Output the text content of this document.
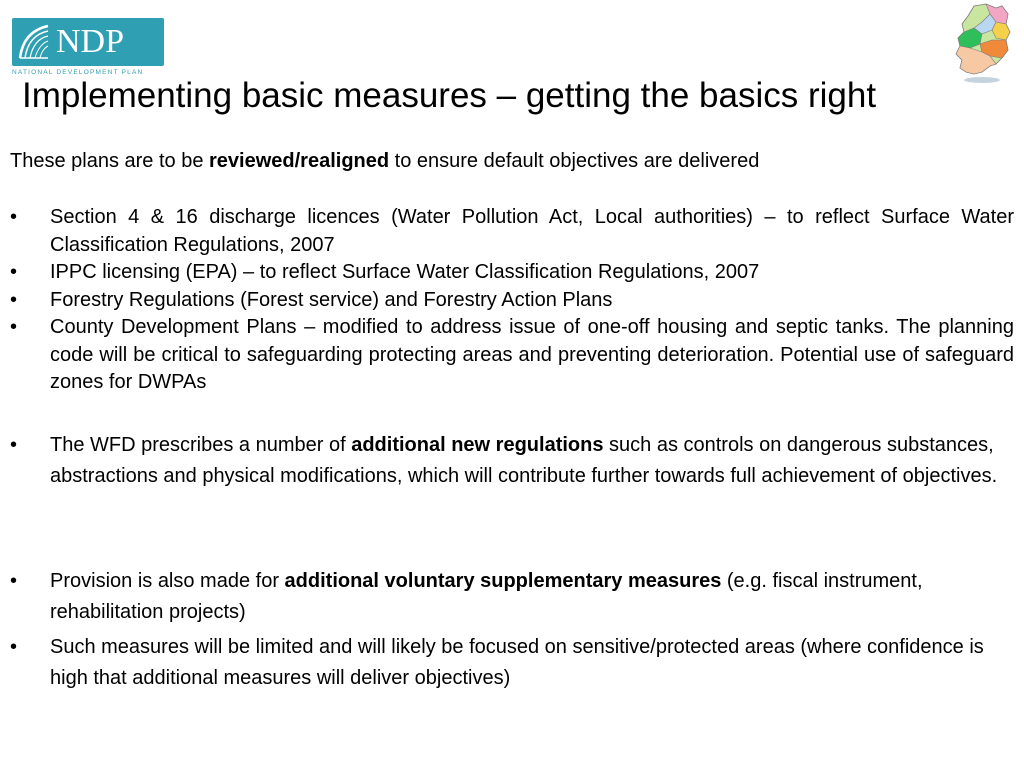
NDP
NATIONAL DEVELOPMENT PLAN
Implementing basic measures – getting the basics right
These plans are to be reviewed/realigned to ensure default objectives are delivered
• Section 4 & 16 discharge licences (Water Pollution Act, Local authorities) – to reflect Surface Water Classification Regulations, 2007
• IPPC licensing (EPA) – to reflect Surface Water Classification Regulations, 2007
• Forestry Regulations (Forest service) and Forestry Action Plans
• County Development Plans – modified to address issue of one-off housing and septic tanks. The planning code will be critical to safeguarding protecting areas and preventing deterioration. Potential use of safeguard zones for DWPAs
• The WFD prescribes a number of additional new regulations such as controls on dangerous substances, abstractions and physical modifications, which will contribute further towards full achievement of objectives.
• Provision is also made for additional voluntary supplementary measures (e.g. fiscal instrument, rehabilitation projects)
• Such measures will be limited and will likely be focused on sensitive/protected areas (where confidence is high that additional measures will deliver objectives)
